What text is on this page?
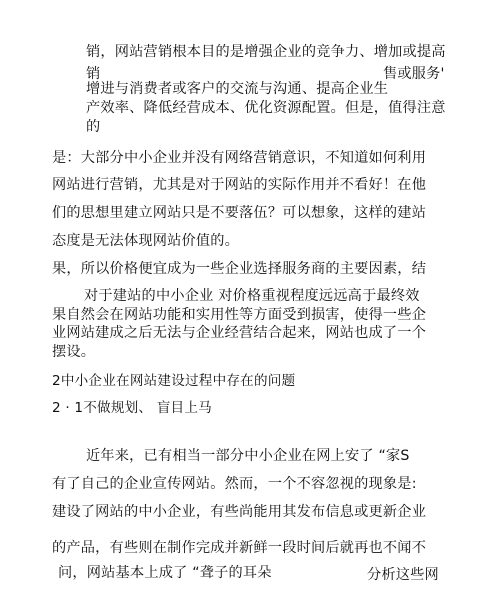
销，网站营销根本目的是增强企业的竞争力、增加或提高

销	售或服务'

增进与消费者或客户的交流与沟通、提高企业生

产效率、降低经营成本、优化资源配置。但是，值得注意

的

是：大部分中小企业并没有网络营销意识，不知道如何利用

网站进行营销，尤其是对于网站的实际作用并不看好！在他

们的思想里建立网站只是不要落伍？可以想象，这样的建站

态度是无法体现网站价值的。

果，所以价格便宜成为一些企业选择服务商的主要因素，结

对于建站的中小企业 对价格重视程度远远高于最终效

果自然会在网站功能和实用性等方面受到损害，使得一些企

业网站建成之后无法与企业经营结合起来，网站也成了一个

摆设。

2中小企业在网站建设过程中存在的问题

2 · 1不做规划、 盲目上马

近年来，已有相当一部分中小企业在网上安了 “家S

有了自己的企业宣传网站。然而，一个不容忽视的现象是:

建设了网站的中小企业，有些尚能用其发布信息或更新企业

的产品，有些则在制作完成并新鲜一段时间后就再也不闻不

问，网站基本上成了 “聋子的耳朵	分析这些网
